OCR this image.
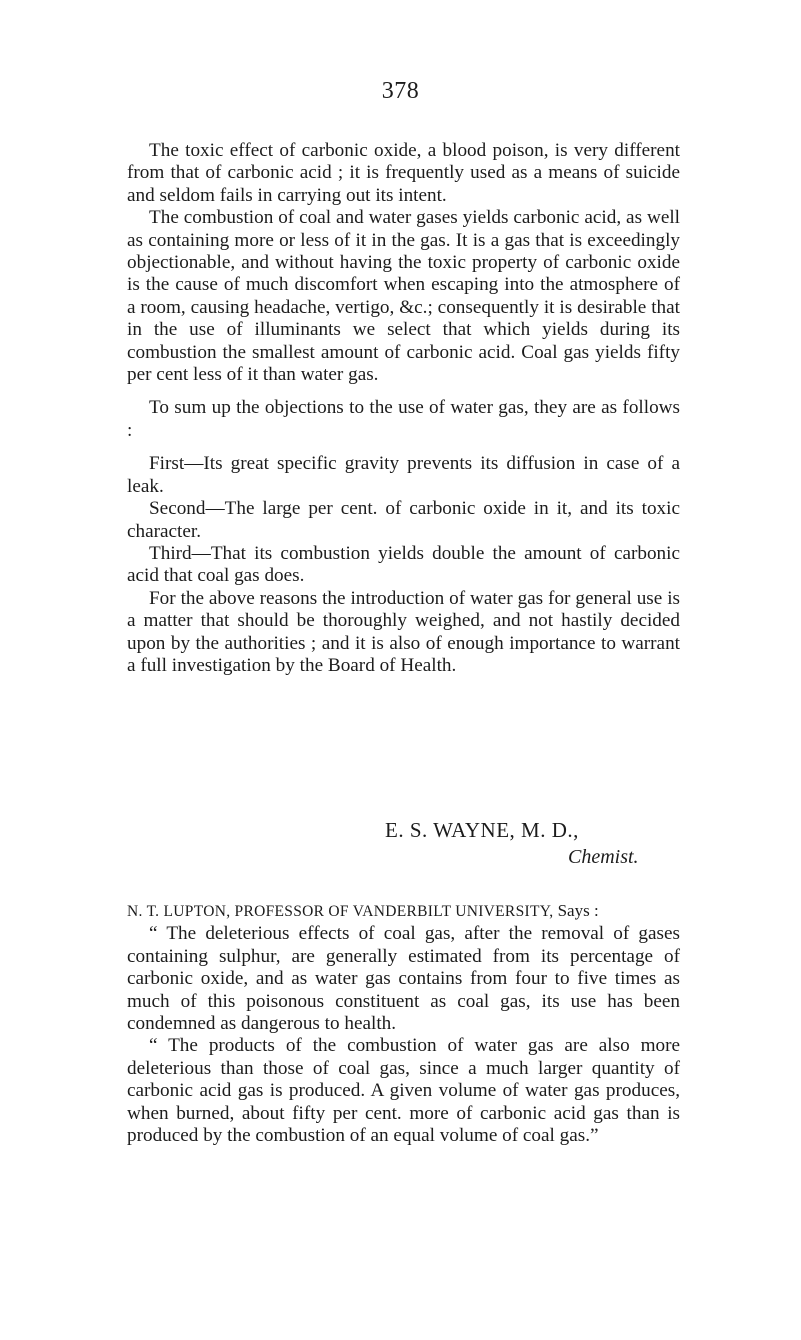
378

The toxic effect of carbonic oxide, a blood poison, is very different from that of carbonic acid ; it is frequently used as a means of suicide and seldom fails in carrying out its intent.

The combustion of coal and water gases yields carbonic acid, as well as containing more or less of it in the gas. It is a gas that is exceedingly objectionable, and without having the toxic property of carbonic oxide is the cause of much discomfort when escaping into the atmosphere of a room, causing headache, vertigo, &c.; consequently it is desirable that in the use of illuminants we select that which yields during its combustion the smallest amount of carbonic acid. Coal gas yields fifty per cent less of it than water gas.

To sum up the objections to the use of water gas, they are as follows :

First—Its great specific gravity prevents its diffusion in case of a leak.

Second—The large per cent. of carbonic oxide in it, and its toxic character.

Third—That its combustion yields double the amount of carbonic acid that coal gas does.

For the above reasons the introduction of water gas for general use is a matter that should be thoroughly weighed, and not hastily decided upon by the authorities ; and it is also of enough importance to warrant a full investigation by the Board of Health.

E. S. WAYNE, M. D.,
Chemist.

N. T. LUPTON, PROFESSOR OF VANDERBILT UNIVERSITY, Says :

“ The deleterious effects of coal gas, after the removal of gases containing sulphur, are generally estimated from its percentage of carbonic oxide, and as water gas contains from four to five times as much of this poisonous constituent as coal gas, its use has been condemned as dangerous to health.

“ The products of the combustion of water gas are also more deleterious than those of coal gas, since a much larger quantity of carbonic acid gas is produced. A given volume of water gas produces, when burned, about fifty per cent. more of carbonic acid gas than is produced by the combustion of an equal volume of coal gas.”
